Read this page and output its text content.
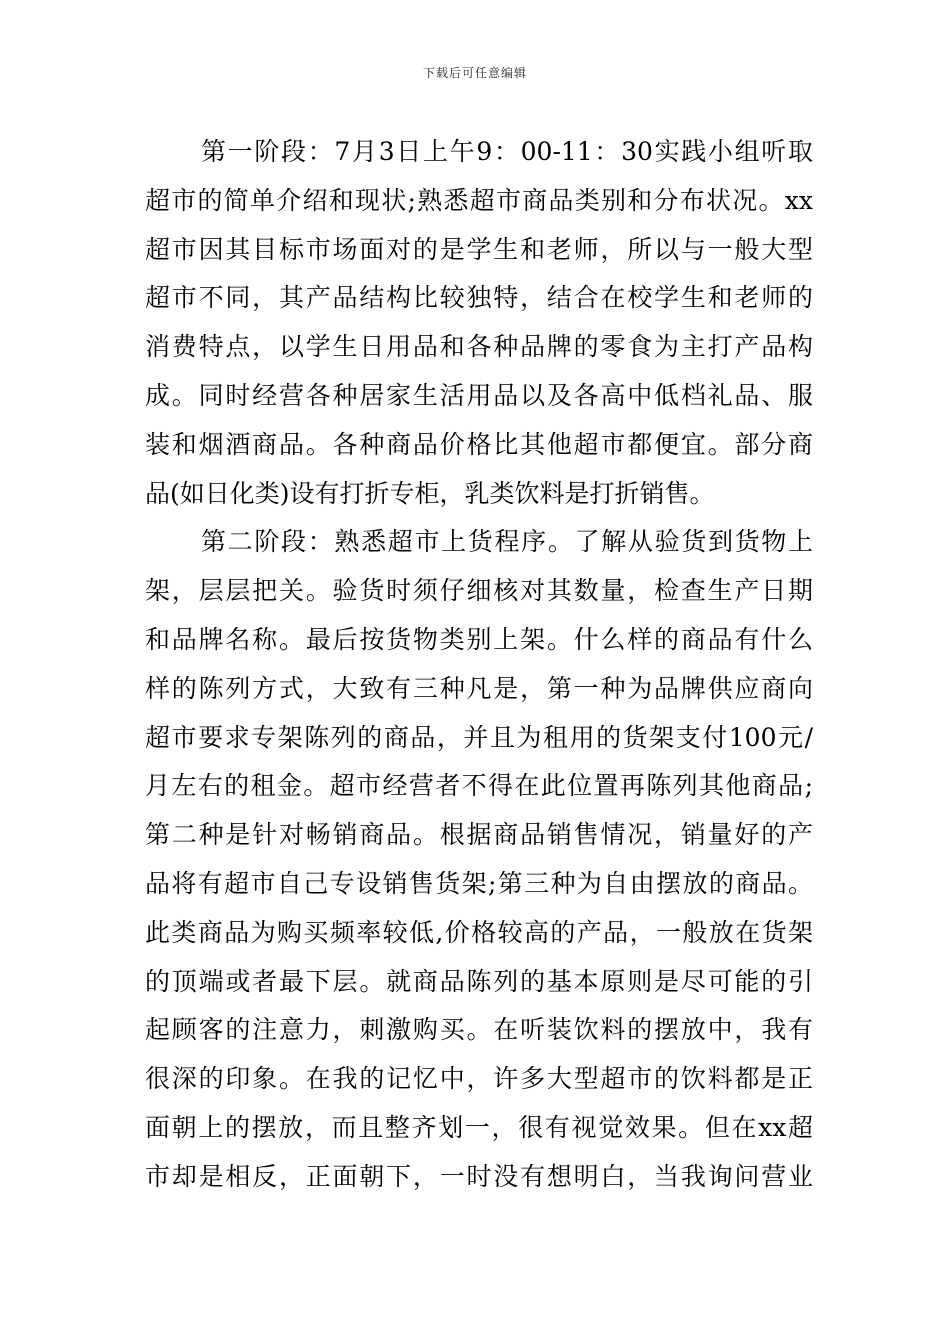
下载后可任意编辑
第一阶段：7月3日上午9：00-11：30实践小组听取
超市的简单介绍和现状;熟悉超市商品类别和分布状况。xx
超市因其目标市场面对的是学生和老师，所以与一般大型
超市不同，其产品结构比较独特，结合在校学生和老师的
消费特点，以学生日用品和各种品牌的零食为主打产品构
成。同时经营各种居家生活用品以及各高中低档礼品、服
装和烟酒商品。各种商品价格比其他超市都便宜。部分商
品(如日化类)设有打折专柜，乳类饮料是打折销售。
第二阶段：熟悉超市上货程序。了解从验货到货物上
架，层层把关。验货时须仔细核对其数量，检查生产日期
和品牌名称。最后按货物类别上架。什么样的商品有什么
样的陈列方式，大致有三种凡是，第一种为品牌供应商向
超市要求专架陈列的商品，并且为租用的货架支付100元/
月左右的租金。超市经营者不得在此位置再陈列其他商品;
第二种是针对畅销商品。根据商品销售情况，销量好的产
品将有超市自己专设销售货架;第三种为自由摆放的商品。
此类商品为购买频率较低,价格较高的产品，一般放在货架
的顶端或者最下层。就商品陈列的基本原则是尽可能的引
起顾客的注意力，刺激购买。在听装饮料的摆放中，我有
很深的印象。在我的记忆中，许多大型超市的饮料都是正
面朝上的摆放，而且整齐划一，很有视觉效果。但在xx超
市却是相反，正面朝下，一时没有想明白，当我询问营业
